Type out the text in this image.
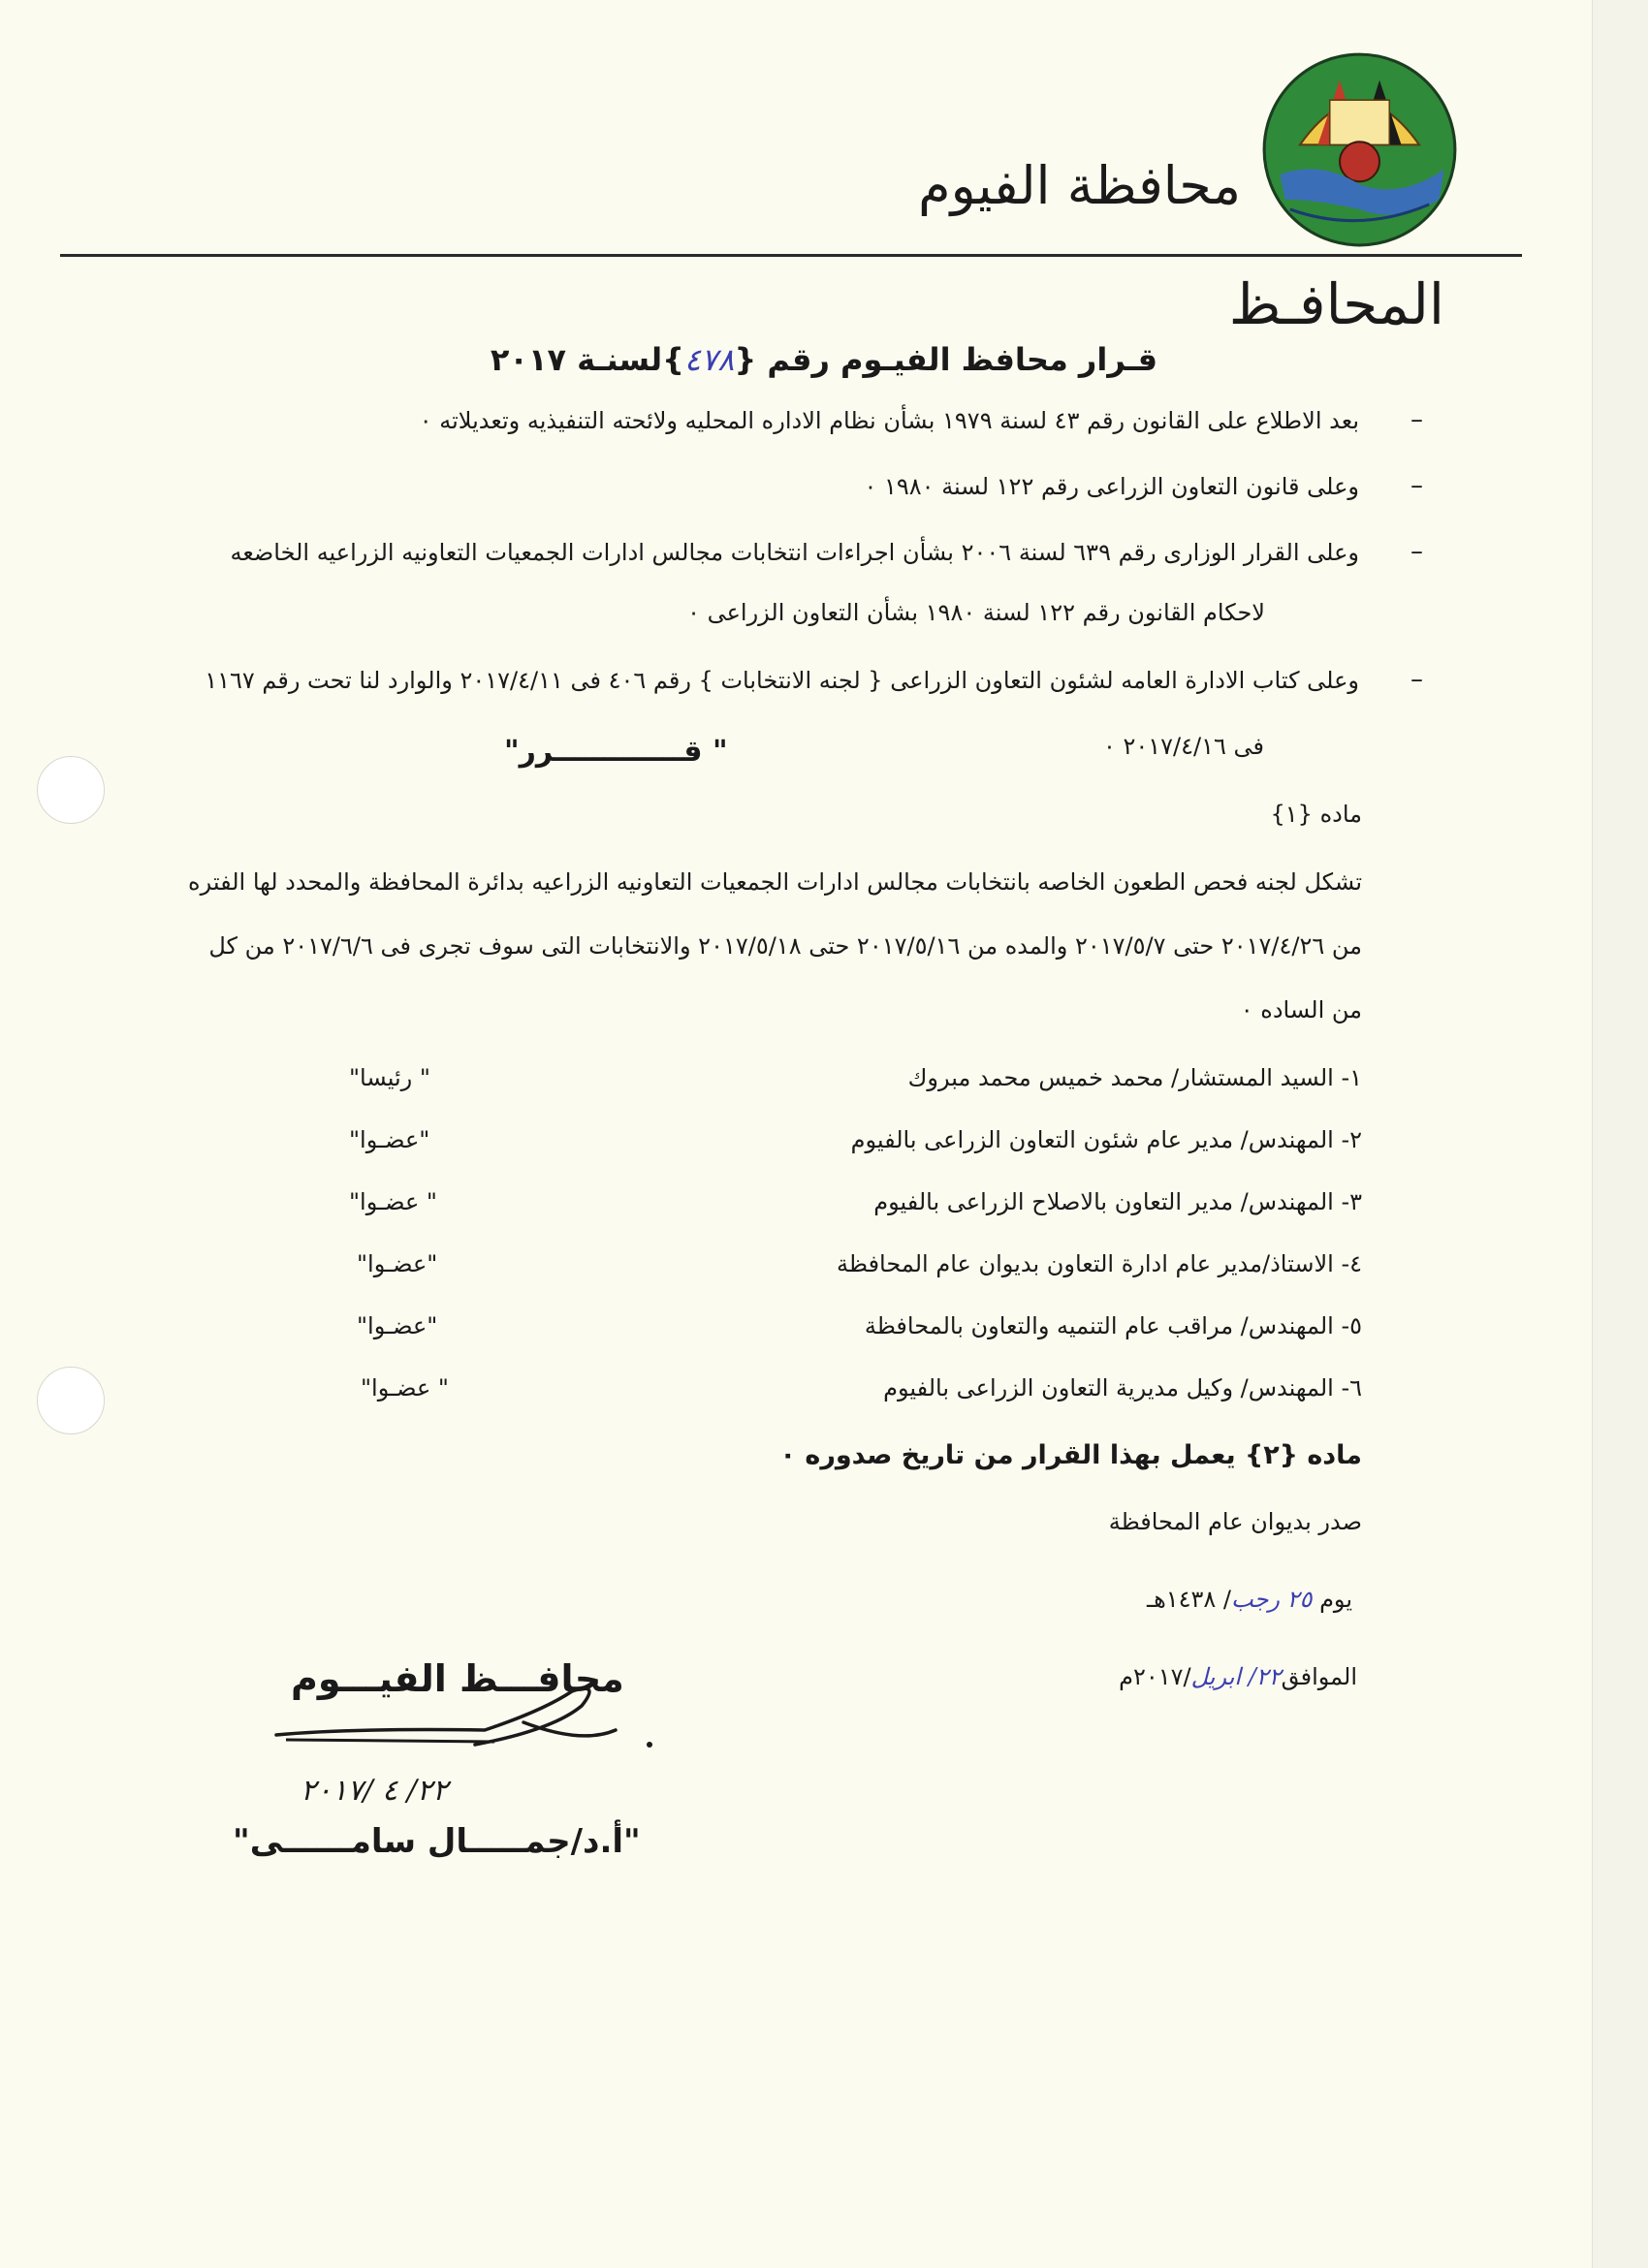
محافظة الفيوم
المحافـظ
قـرار محافظ الفيـوم رقم {٤٧٨}لسنـة ٢٠١٧
–
بعد الاطلاع على القانون رقم ٤٣ لسنة ١٩٧٩ بشأن نظام الاداره المحليه ولائحته التنفيذيه وتعديلاته ٠
–
وعلى قانون التعاون الزراعى رقم ١٢٢ لسنة ١٩٨٠ ٠
–
وعلى القرار الوزارى رقم ٦٣٩ لسنة ٢٠٠٦ بشأن اجراءات انتخابات مجالس ادارات الجمعيات التعاونيه الزراعيه الخاضعه
لاحكام القانون رقم ١٢٢ لسنة ١٩٨٠ بشأن التعاون الزراعى ٠
–
وعلى كتاب الادارة العامه لشئون التعاون الزراعى { لجنه الانتخابات } رقم ٤٠٦ فى ٢٠١٧/٤/١١ والوارد لنا تحت رقم ١١٦٧
" قـــــــــــــرر"	فى ٢٠١٧/٤/١٦ ٠
ماده {١}
تشكل لجنه فحص الطعون الخاصه بانتخابات مجالس ادارات الجمعيات التعاونيه الزراعيه بدائرة المحافظة والمحدد لها الفتره
من ٢٠١٧/٤/٢٦ حتى ٢٠١٧/٥/٧ والمده من ٢٠١٧/٥/١٦ حتى ٢٠١٧/٥/١٨ والانتخابات التى سوف تجرى فى ٢٠١٧/٦/٦ من كل
من الساده ٠
١- السيد المستشار/ محمد خميس محمد مبروك
" رئيسا"
٢- المهندس/ مدير عام شئون التعاون الزراعى بالفيوم
"عضـوا"
٣- المهندس/ مدير التعاون بالاصلاح الزراعى بالفيوم
" عضـوا"
٤- الاستاذ/مدير عام ادارة التعاون بديوان عام المحافظة
"عضـوا"
٥- المهندس/ مراقب عام التنميه والتعاون بالمحافظة
"عضـوا"
٦- المهندس/ وكيل مديرية التعاون الزراعى بالفيوم
" عضـوا"
ماده {٢} يعمل بهذا القرار من تاريخ صدوره ٠
صدر بديوان عام المحافظة
يوم ٢٥ رجب/ ١٤٣٨هـ
الموافق٢٢/ ابريل/٢٠١٧م
محافـــظ الفيـــوم
٢٢/ ٤ /٢٠١٧
"أ.د/جمـــــال سامــــــى"
